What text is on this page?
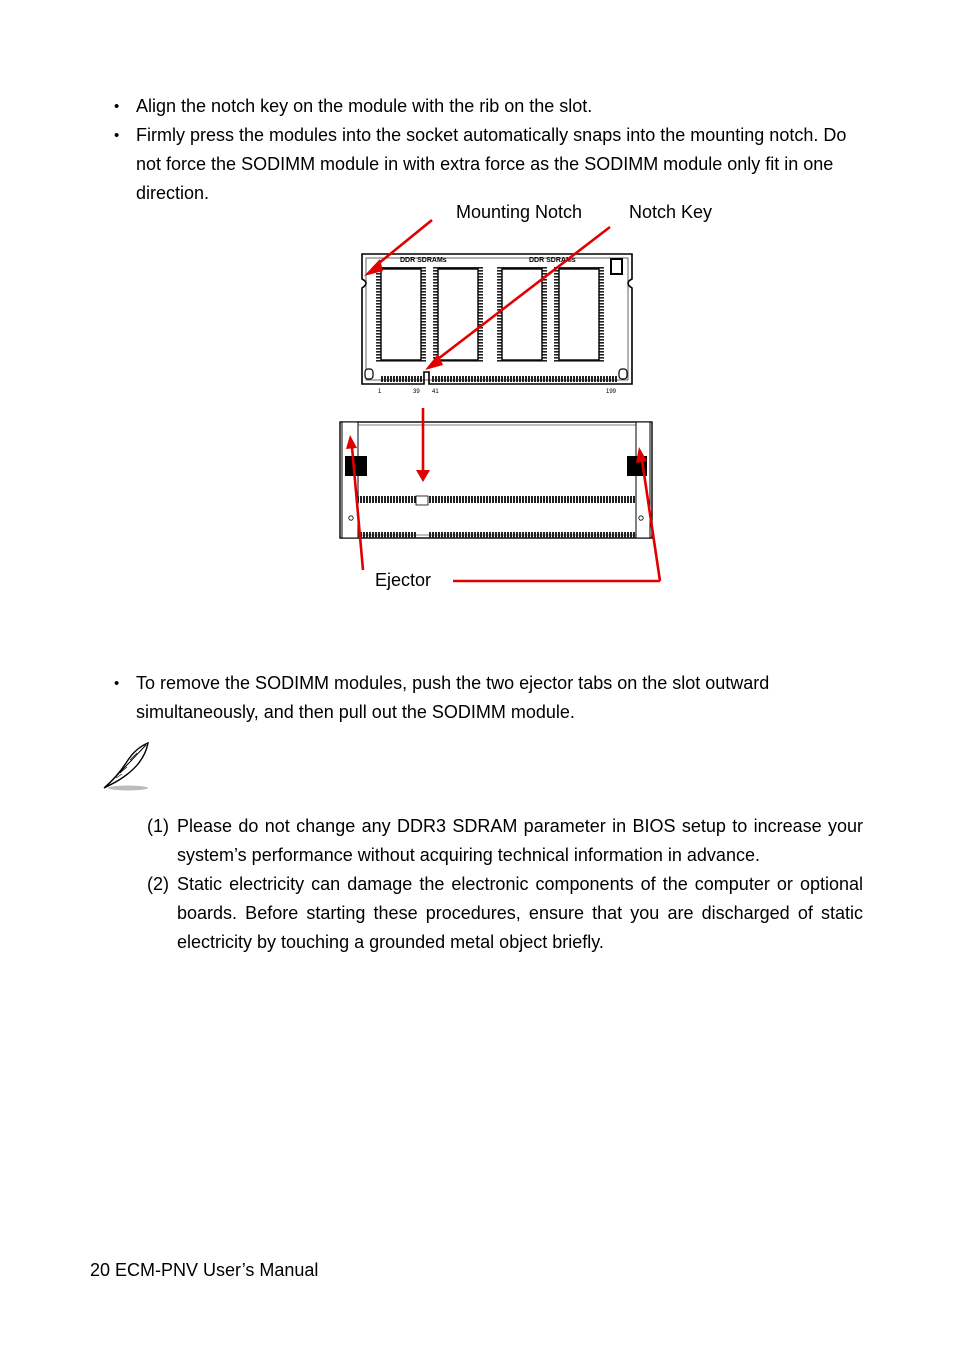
• Align the notch key on the module with the rib on the slot.
• Firmly press the modules into the socket automatically snaps into the mounting notch. Do not force the SODIMM module in with extra force as the SODIMM module only fit in one direction.
DDR SDRAMs	DDR SDRAMs
1	39 41	199
Mounting Notch	Notch Key
Ejector
• To remove the SODIMM modules, push the two ejector tabs on the slot outward simultaneously, and then pull out the SODIMM module.
(1) Please do not change any DDR3 SDRAM parameter in BIOS setup to increase your system’s performance without acquiring technical information in advance.
(2) Static electricity can damage the electronic components of the computer or optional boards. Before starting these procedures, ensure that you are discharged of static electricity by touching a grounded metal object briefly.
20 ECM-PNV User’s Manual
